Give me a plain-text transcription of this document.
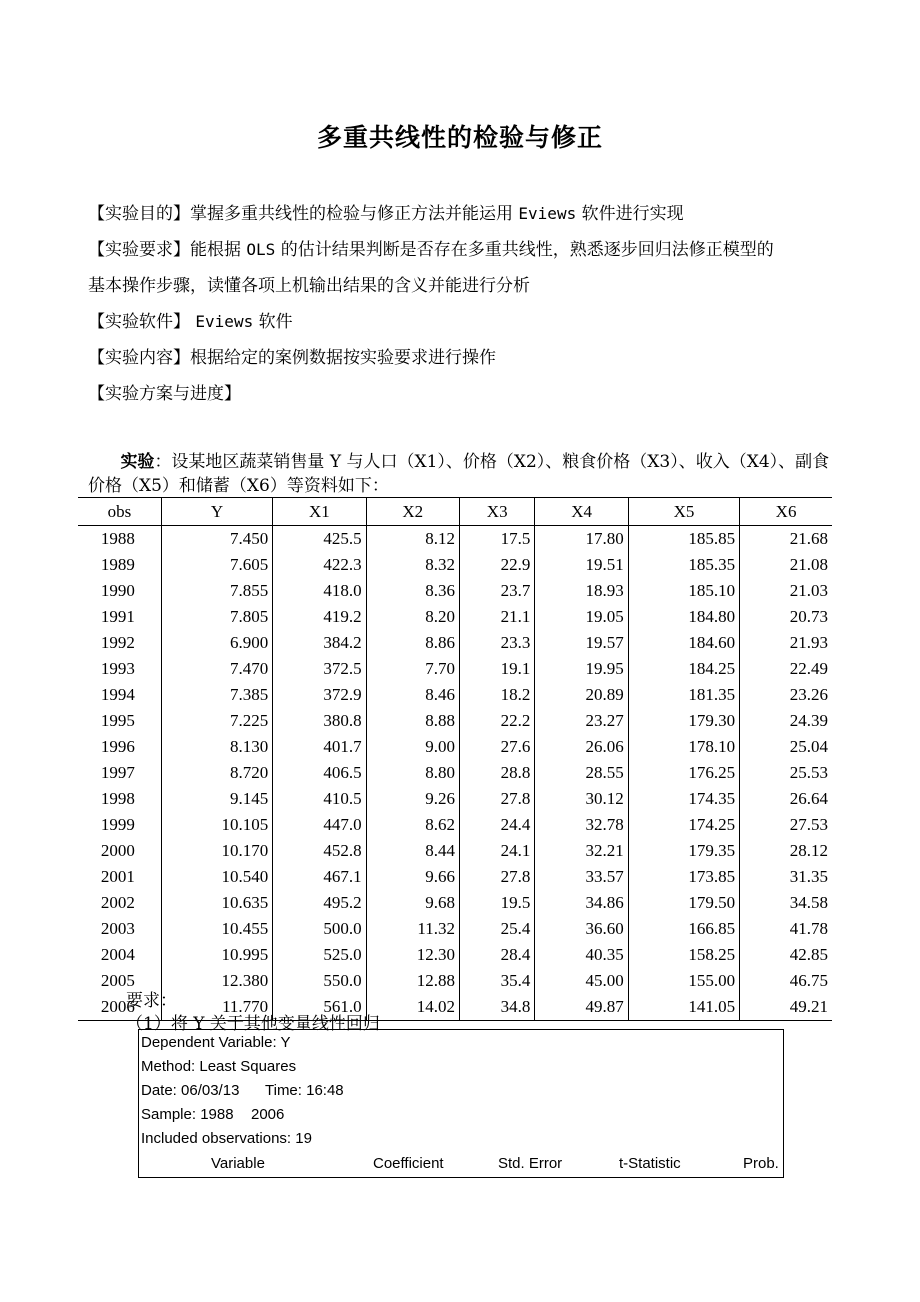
多重共线性的检验与修正
【实验目的】掌握多重共线性的检验与修正方法并能运用 Eviews 软件进行实现
【实验要求】能根据 OLS 的估计结果判断是否存在多重共线性，熟悉逐步回归法修正模型的
基本操作步骤，读懂各项上机输出结果的含义并能进行分析
【实验软件】 Eviews 软件
【实验内容】根据给定的案例数据按实验要求进行操作
【实验方案与进度】
实验：设某地区蔬菜销售量 Y 与人口（X1）、价格（X2）、粮食价格（X3）、收入（X4）、副食价格（X5）和储蓄（X6）等资料如下：
obs	Y	X1	X2	X3	X4	X5	X6
1988	7.450	425.5	8.12	17.5	17.80	185.85	21.68
1989	7.605	422.3	8.32	22.9	19.51	185.35	21.08
1990	7.855	418.0	8.36	23.7	18.93	185.10	21.03
1991	7.805	419.2	8.20	21.1	19.05	184.80	20.73
1992	6.900	384.2	8.86	23.3	19.57	184.60	21.93
1993	7.470	372.5	7.70	19.1	19.95	184.25	22.49
1994	7.385	372.9	8.46	18.2	20.89	181.35	23.26
1995	7.225	380.8	8.88	22.2	23.27	179.30	24.39
1996	8.130	401.7	9.00	27.6	26.06	178.10	25.04
1997	8.720	406.5	8.80	28.8	28.55	176.25	25.53
1998	9.145	410.5	9.26	27.8	30.12	174.35	26.64
1999	10.105	447.0	8.62	24.4	32.78	174.25	27.53
2000	10.170	452.8	8.44	24.1	32.21	179.35	28.12
2001	10.540	467.1	9.66	27.8	33.57	173.85	31.35
2002	10.635	495.2	9.68	19.5	34.86	179.50	34.58
2003	10.455	500.0	11.32	25.4	36.60	166.85	41.78
2004	10.995	525.0	12.30	28.4	40.35	158.25	42.85
2005	12.380	550.0	12.88	35.4	45.00	155.00	46.75
2006	11.770	561.0	14.02	34.8	49.87	141.05	49.21
要求：
（1）将 Y 关于其他变量线性回归
Dependent Variable: Y
Method: Least Squares
Date: 06/03/13 Time: 16:48
Sample: 1988 2006
Included observations: 19
Variable	Coefficient	Std. Error	t-Statistic	Prob.
